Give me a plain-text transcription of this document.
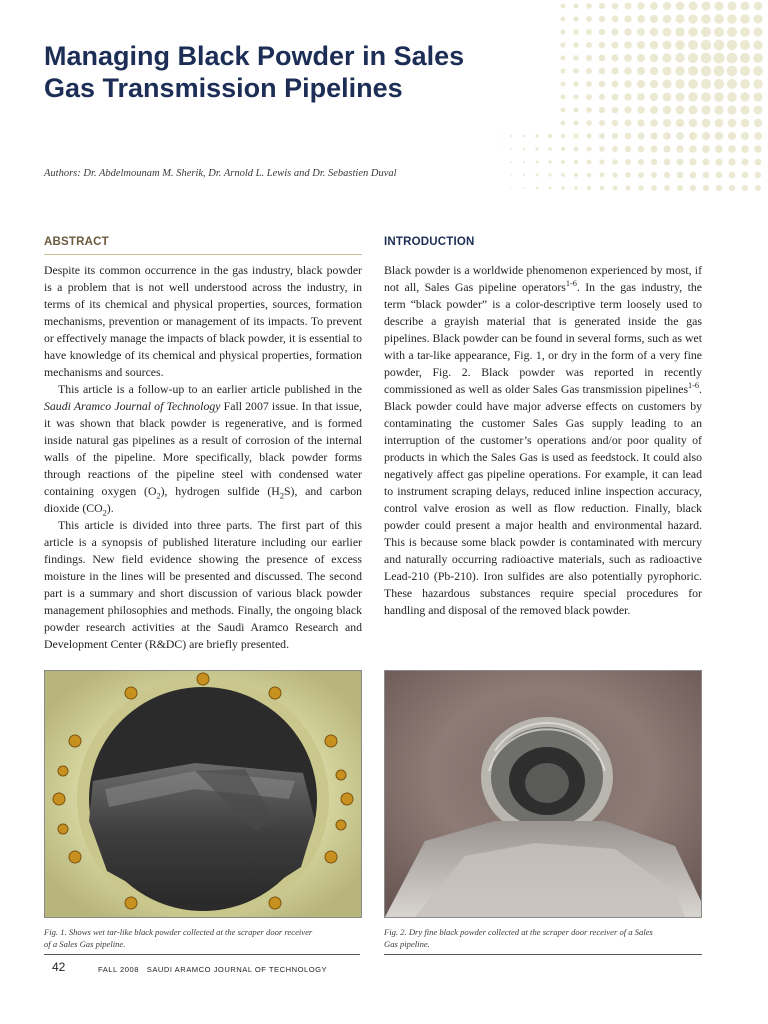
Managing Black Powder in Sales
Gas Transmission Pipelines
Authors: Dr. Abdelmounam M. Sherik, Dr. Arnold L. Lewis and Dr. Sebastien Duval
ABSTRACT	INTRODUCTION

Despite its common occurrence in the gas industry, black powder is a problem that is not well understood across the industry, in terms of its chemical and physical properties, sources, formation mechanisms, prevention or management of its impacts. To prevent or effectively manage the impacts of black powder, it is essential to have knowledge of its chemical and physical properties, formation mechanisms and sources.

This article is a follow-up to an earlier article published in the Saudi Aramco Journal of Technology Fall 2007 issue. In that issue, it was shown that black powder is regenerative, and is formed inside natural gas pipelines as a result of corrosion of the internal walls of the pipeline. More specifically, black powder forms through reactions of the pipeline steel with condensed water containing oxygen $(O_2)$, hydrogen sulfide $(H_2S)$, and carbon dioxide $(CO_2)$.

This article is divided into three parts. The first part of this article is a synopsis of published literature including our earlier findings. New field evidence showing the presence of excess moisture in the lines will be presented and discussed. The second part is a summary and short discussion of various black powder management philosophies and methods. Finally, the ongoing black powder research activities at the Saudi Aramco Research and Development Center (R&DC) are briefly presented.

Black powder is a worldwide phenomenon experienced by most, if not all, Sales Gas pipeline operators$^{1-6}$. In the gas industry, the term “black powder” is a color-descriptive term loosely used to describe a grayish material that is generated inside the gas pipelines. Black powder can be found in several forms, such as wet with a tar-like appearance, Fig. 1, or dry in the form of a very fine powder, Fig. 2. Black powder was reported in recently commissioned as well as older Sales Gas transmission pipelines$^{1-6}$. Black powder could have major adverse effects on customers by contaminating the customer Sales Gas supply leading to an interruption of the customer’s operations and/or poor quality of products in which the Sales Gas is used as feedstock. It could also negatively affect gas pipeline operations. For example, it can lead to instrument scraping delays, reduced inline inspection accuracy, control valve erosion as well as flow reduction. Finally, black powder could present a major health and environmental hazard. This is because some black powder is contaminated with mercury and naturally occurring radioactive materials, such as radioactive Lead-210 (Pb-210). Iron sulfides are also potentially pyrophoric. These hazardous substances require special procedures for handling and disposal of the removed black powder.

Fig. 1. Shows wet tar-like black powder collected at the scraper door receiver of a Sales Gas pipeline.
Fig. 2. Dry fine black powder collected at the scraper door receiver of a Sales Gas pipeline.
42	FALL 2008   SAUDI ARAMCO JOURNAL OF TECHNOLOGY
